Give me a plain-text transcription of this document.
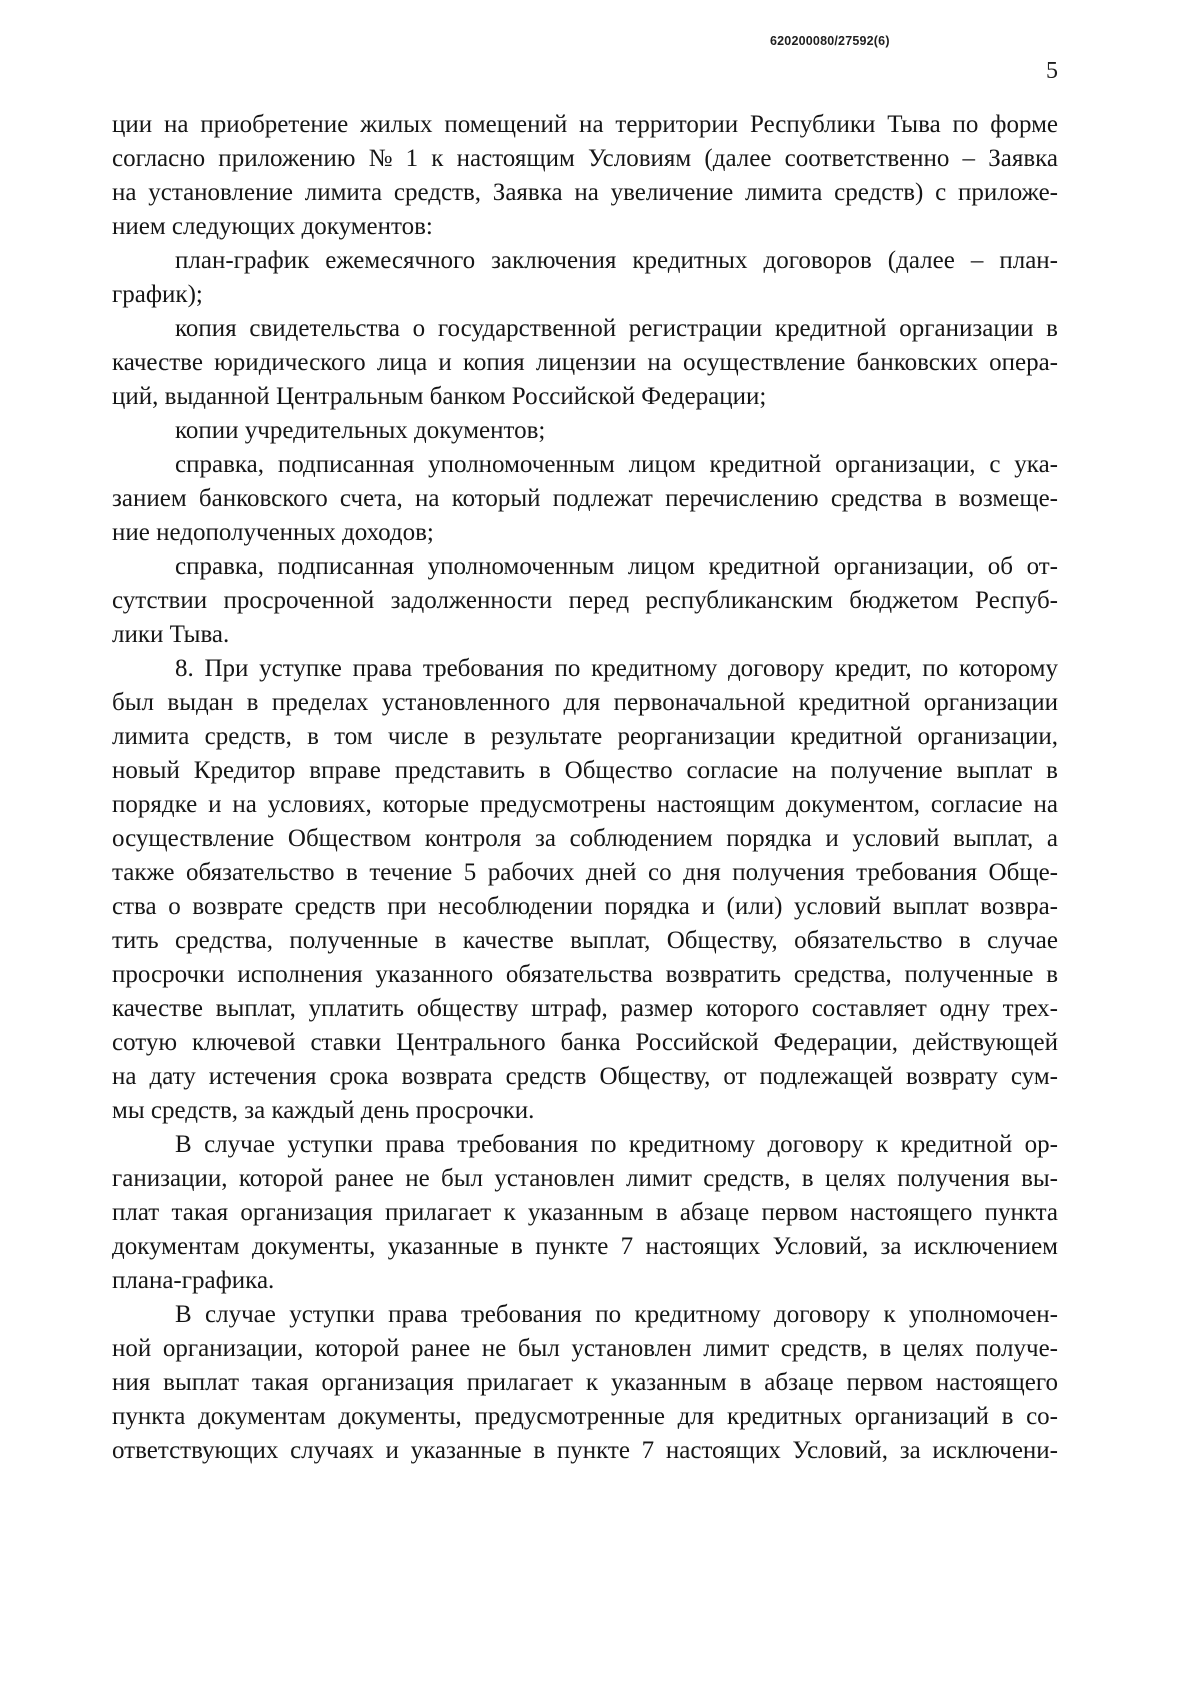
620200080/27592(6)
5
ции на приобретение жилых помещений на территории Республики Тыва по форме
согласно приложению № 1 к настоящим Условиям (далее соответственно – Заявка
на установление лимита средств, Заявка на увеличение лимита средств) с приложе-
нием следующих документов:
план-график ежемесячного заключения кредитных договоров (далее – план-
график);
копия свидетельства о государственной регистрации кредитной организации в
качестве юридического лица и копия лицензии на осуществление банковских опера-
ций, выданной Центральным банком Российской Федерации;
копии учредительных документов;
справка, подписанная уполномоченным лицом кредитной организации, с ука-
занием банковского счета, на который подлежат перечислению средства в возмеще-
ние недополученных доходов;
справка, подписанная уполномоченным лицом кредитной организации, об от-
сутствии просроченной задолженности перед республиканским бюджетом Респуб-
лики Тыва.
8. При уступке права требования по кредитному договору кредит, по которому
был выдан в пределах установленного для первоначальной кредитной организации
лимита средств, в том числе в результате реорганизации кредитной организации,
новый Кредитор вправе представить в Общество согласие на получение выплат в
порядке и на условиях, которые предусмотрены настоящим документом, согласие на
осуществление Обществом контроля за соблюдением порядка и условий выплат, а
также обязательство в течение 5 рабочих дней со дня получения требования Обще-
ства о возврате средств при несоблюдении порядка и (или) условий выплат возвра-
тить средства, полученные в качестве выплат, Обществу, обязательство в случае
просрочки исполнения указанного обязательства возвратить средства, полученные в
качестве выплат, уплатить обществу штраф, размер которого составляет одну трех-
сотую ключевой ставки Центрального банка Российской Федерации, действующей
на дату истечения срока возврата средств Обществу, от подлежащей возврату сум-
мы средств, за каждый день просрочки.
В случае уступки права требования по кредитному договору к кредитной ор-
ганизации, которой ранее не был установлен лимит средств, в целях получения вы-
плат такая организация прилагает к указанным в абзаце первом настоящего пункта
документам документы, указанные в пункте 7 настоящих Условий, за исключением
плана-графика.
В случае уступки права требования по кредитному договору к уполномочен-
ной организации, которой ранее не был установлен лимит средств, в целях получе-
ния выплат такая организация прилагает к указанным в абзаце первом настоящего
пункта документам документы, предусмотренные для кредитных организаций в со-
ответствующих случаях и указанные в пункте 7 настоящих Условий, за исключени-
